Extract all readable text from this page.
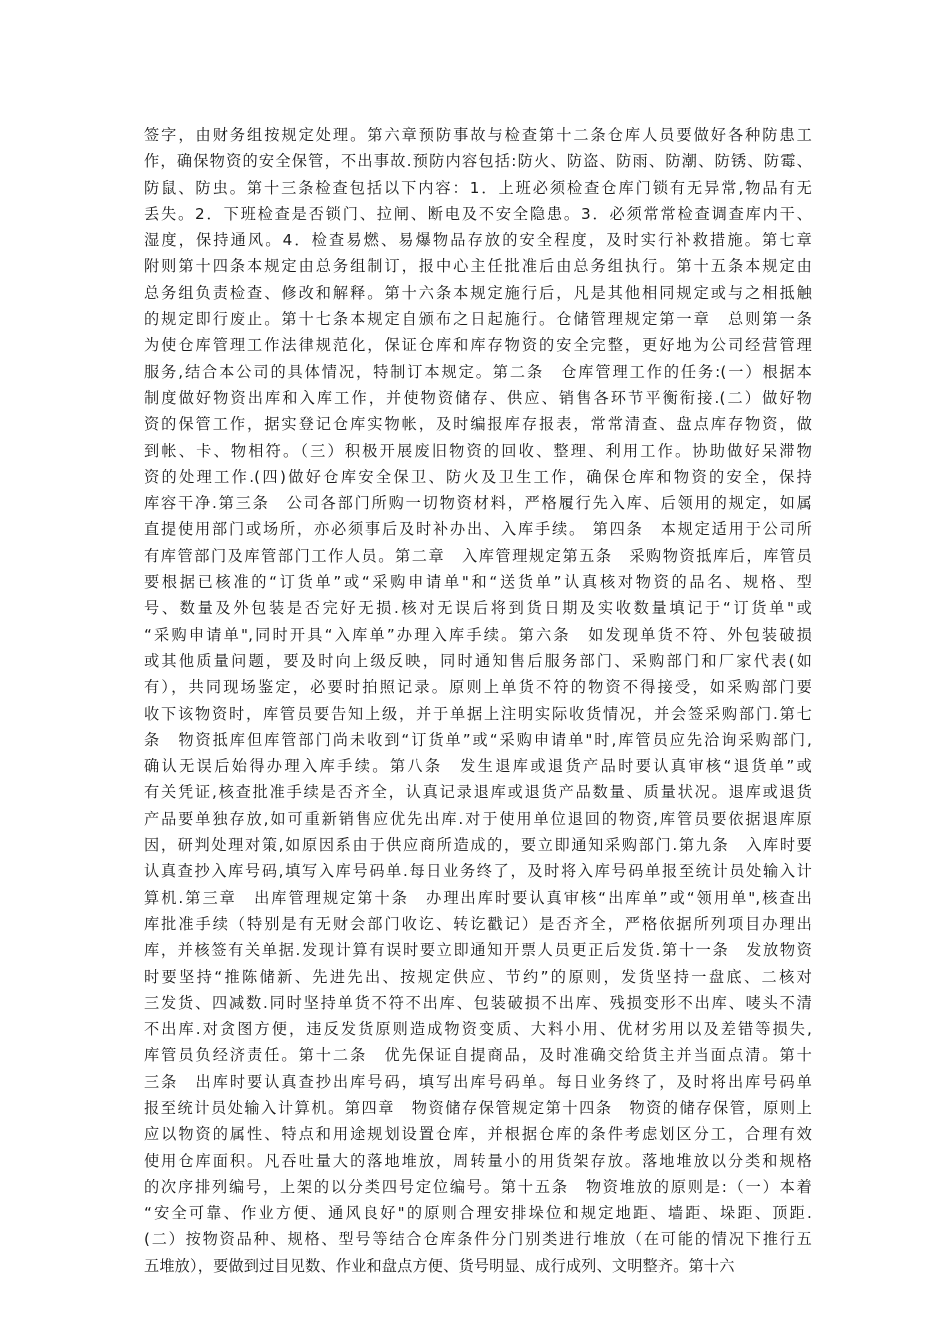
签字，由财务组按规定处理。第六章预防事故与检查第十二条仓库人员要做好各种防患工
作，确保物资的安全保管，不出事故.预防内容包括:防火、防盗、防雨、防潮、防锈、防霉、
防鼠、防虫。第十三条检查包括以下内容：1．上班必须检查仓库门锁有无异常,物品有无
丢失。2．下班检查是否锁门、拉闸、断电及不安全隐患。3．必须常常检查调查库内干、
湿度，保持通风。4．检查易燃、易爆物品存放的安全程度，及时实行补救措施。第七章
附则第十四条本规定由总务组制订，报中心主任批准后由总务组执行。第十五条本规定由
总务组负责检查、修改和解释。第十六条本规定施行后，凡是其他相同规定或与之相抵触
的规定即行废止。第十七条本规定自颁布之日起施行。仓储管理规定第一章　总则第一条
为使仓库管理工作法律规范化，保证仓库和库存物资的安全完整，更好地为公司经营管理
服务,结合本公司的具体情况，特制订本规定。第二条　仓库管理工作的任务:(一）根据本
制度做好物资出库和入库工作，并使物资储存、供应、销售各环节平衡衔接.(二）做好物
资的保管工作，据实登记仓库实物帐，及时编报库存报表，常常清查、盘点库存物资，做
到帐、卡、物相符。（三）积极开展废旧物资的回收、整理、利用工作。协助做好呆滞物
资的处理工作.(四)做好仓库安全保卫、防火及卫生工作，确保仓库和物资的安全，保持
库容干净.第三条　公司各部门所购一切物资材料，严格履行先入库、后领用的规定，如属
直提使用部门或场所，亦必须事后及时补办出、入库手续。 第四条　本规定适用于公司所
有库管部门及库管部门工作人员。第二章　入库管理规定第五条　采购物资抵库后，库管员
要根据已核准的“订货单”或“采购申请单"和“送货单”认真核对物资的品名、规格、型
号、数量及外包装是否完好无损.核对无误后将到货日期及实收数量填记于“订货单"或
“采购申请单",同时开具“入库单”办理入库手续。第六条　如发现单货不符、外包装破损
或其他质量问题，要及时向上级反映，同时通知售后服务部门、采购部门和厂家代表(如
有），共同现场鉴定，必要时拍照记录。原则上单货不符的物资不得接受，如采购部门要
收下该物资时，库管员要告知上级，并于单据上注明实际收货情况，并会签采购部门.第七
条　物资抵库但库管部门尚未收到“订货单”或“采购申请单"时,库管员应先洽询采购部门,
确认无误后始得办理入库手续。第八条　发生退库或退货产品时要认真审核“退货单”或
有关凭证,核查批准手续是否齐全，认真记录退库或退货产品数量、质量状况。退库或退货
产品要单独存放,如可重新销售应优先出库.对于使用单位退回的物资,库管员要依据退库原
因，研判处理对策,如原因系由于供应商所造成的，要立即通知采购部门.第九条　入库时要
认真查抄入库号码,填写入库号码单.每日业务终了，及时将入库号码单报至统计员处输入计
算机.第三章　出库管理规定第十条　办理出库时要认真审核“出库单”或“领用单",核查出
库批准手续（特别是有无财会部门收讫、转讫戳记）是否齐全，严格依据所列项目办理出
库，并核签有关单据.发现计算有误时要立即通知开票人员更正后发货.第十一条　发放物资
时要坚持“推陈储新、先进先出、按规定供应、节约”的原则，发货坚持一盘底、二核对
三发货、四减数.同时坚持单货不符不出库、包装破损不出库、残损变形不出库、唛头不清
不出库.对贪图方便，违反发货原则造成物资变质、大料小用、优材劣用以及差错等损失,
库管员负经济责任。第十二条　优先保证自提商品，及时准确交给货主并当面点清。第十
三条　出库时要认真查抄出库号码，填写出库号码单。每日业务终了，及时将出库号码单
报至统计员处输入计算机。第四章　物资储存保管规定第十四条　物资的储存保管，原则上
应以物资的属性、特点和用途规划设置仓库，并根据仓库的条件考虑划区分工，合理有效
使用仓库面积。凡吞吐量大的落地堆放，周转量小的用货架存放。落地堆放以分类和规格
的次序排列编号，上架的以分类四号定位编号。第十五条　物资堆放的原则是:（一）本着
“安全可靠、作业方便、通风良好"的原则合理安排垛位和规定地距、墙距、垛距、顶距.
(二）按物资品种、规格、型号等结合仓库条件分门别类进行堆放（在可能的情况下推行五
五堆放），要做到过目见数、作业和盘点方便、货号明显、成行成列、文明整齐。第十六
